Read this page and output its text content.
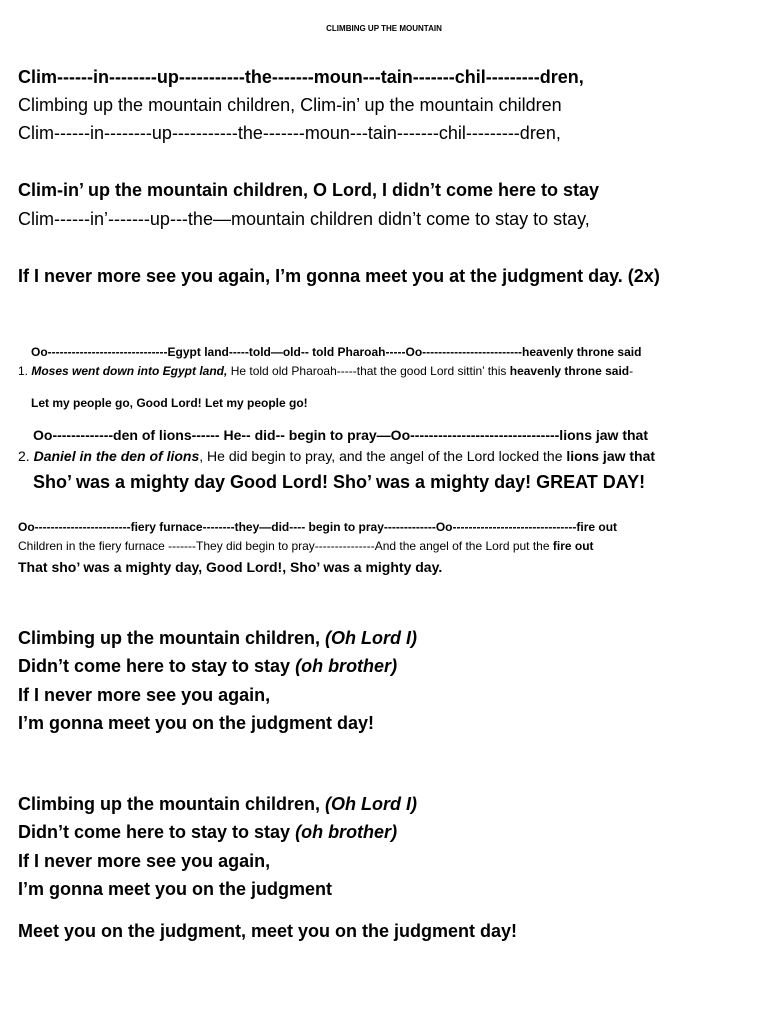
CLIMBING UP THE MOUNTAIN
Clim------in--------up-----------the-------moun---tain-------chil---------dren,
Climbing up the mountain children, Clim-in’ up the mountain children
Clim------in--------up-----------the-------moun---tain-------chil---------dren,
Clim-in’ up the mountain children, O Lord, I didn’t come here to stay
Clim------in’-------up---the—mountain children didn’t come to stay to stay,
If I never more see you again, I’m gonna meet you at the judgment day. (2x)
Oo------------------------------Egypt land-----told—old-- told Pharoah-----Oo-------------------------heavenly throne said
1. Moses went down into Egypt land, He told old Pharoah-----that the good Lord sittin’ this heavenly throne said-
Let my people go, Good Lord! Let my people go!
Oo-------------den of lions------ He-- did-- begin to pray—Oo--------------------------------lions jaw that
2. Daniel in the den of lions, He did begin to pray, and the angel of the Lord locked the lions jaw that
Sho’ was a mighty day Good Lord! Sho’ was a mighty day! GREAT DAY!
Oo------------------------fiery furnace--------they—did---- begin to pray-------------Oo-------------------------------fire out
Children in the fiery furnace -------They did begin to pray---------------And the angel of the Lord put the fire out
That sho’ was a mighty day, Good Lord!, Sho’ was a mighty day.
Climbing up the mountain children, (Oh Lord I)
Didn’t come here to stay to stay (oh brother)
If I never more see you again,
I’m gonna meet you on the judgment day!
Climbing up the mountain children, (Oh Lord I)
Didn’t come here to stay to stay (oh brother)
If I never more see you again,
I’m gonna meet you on the judgment
Meet you on the judgment, meet you on the judgment day!
